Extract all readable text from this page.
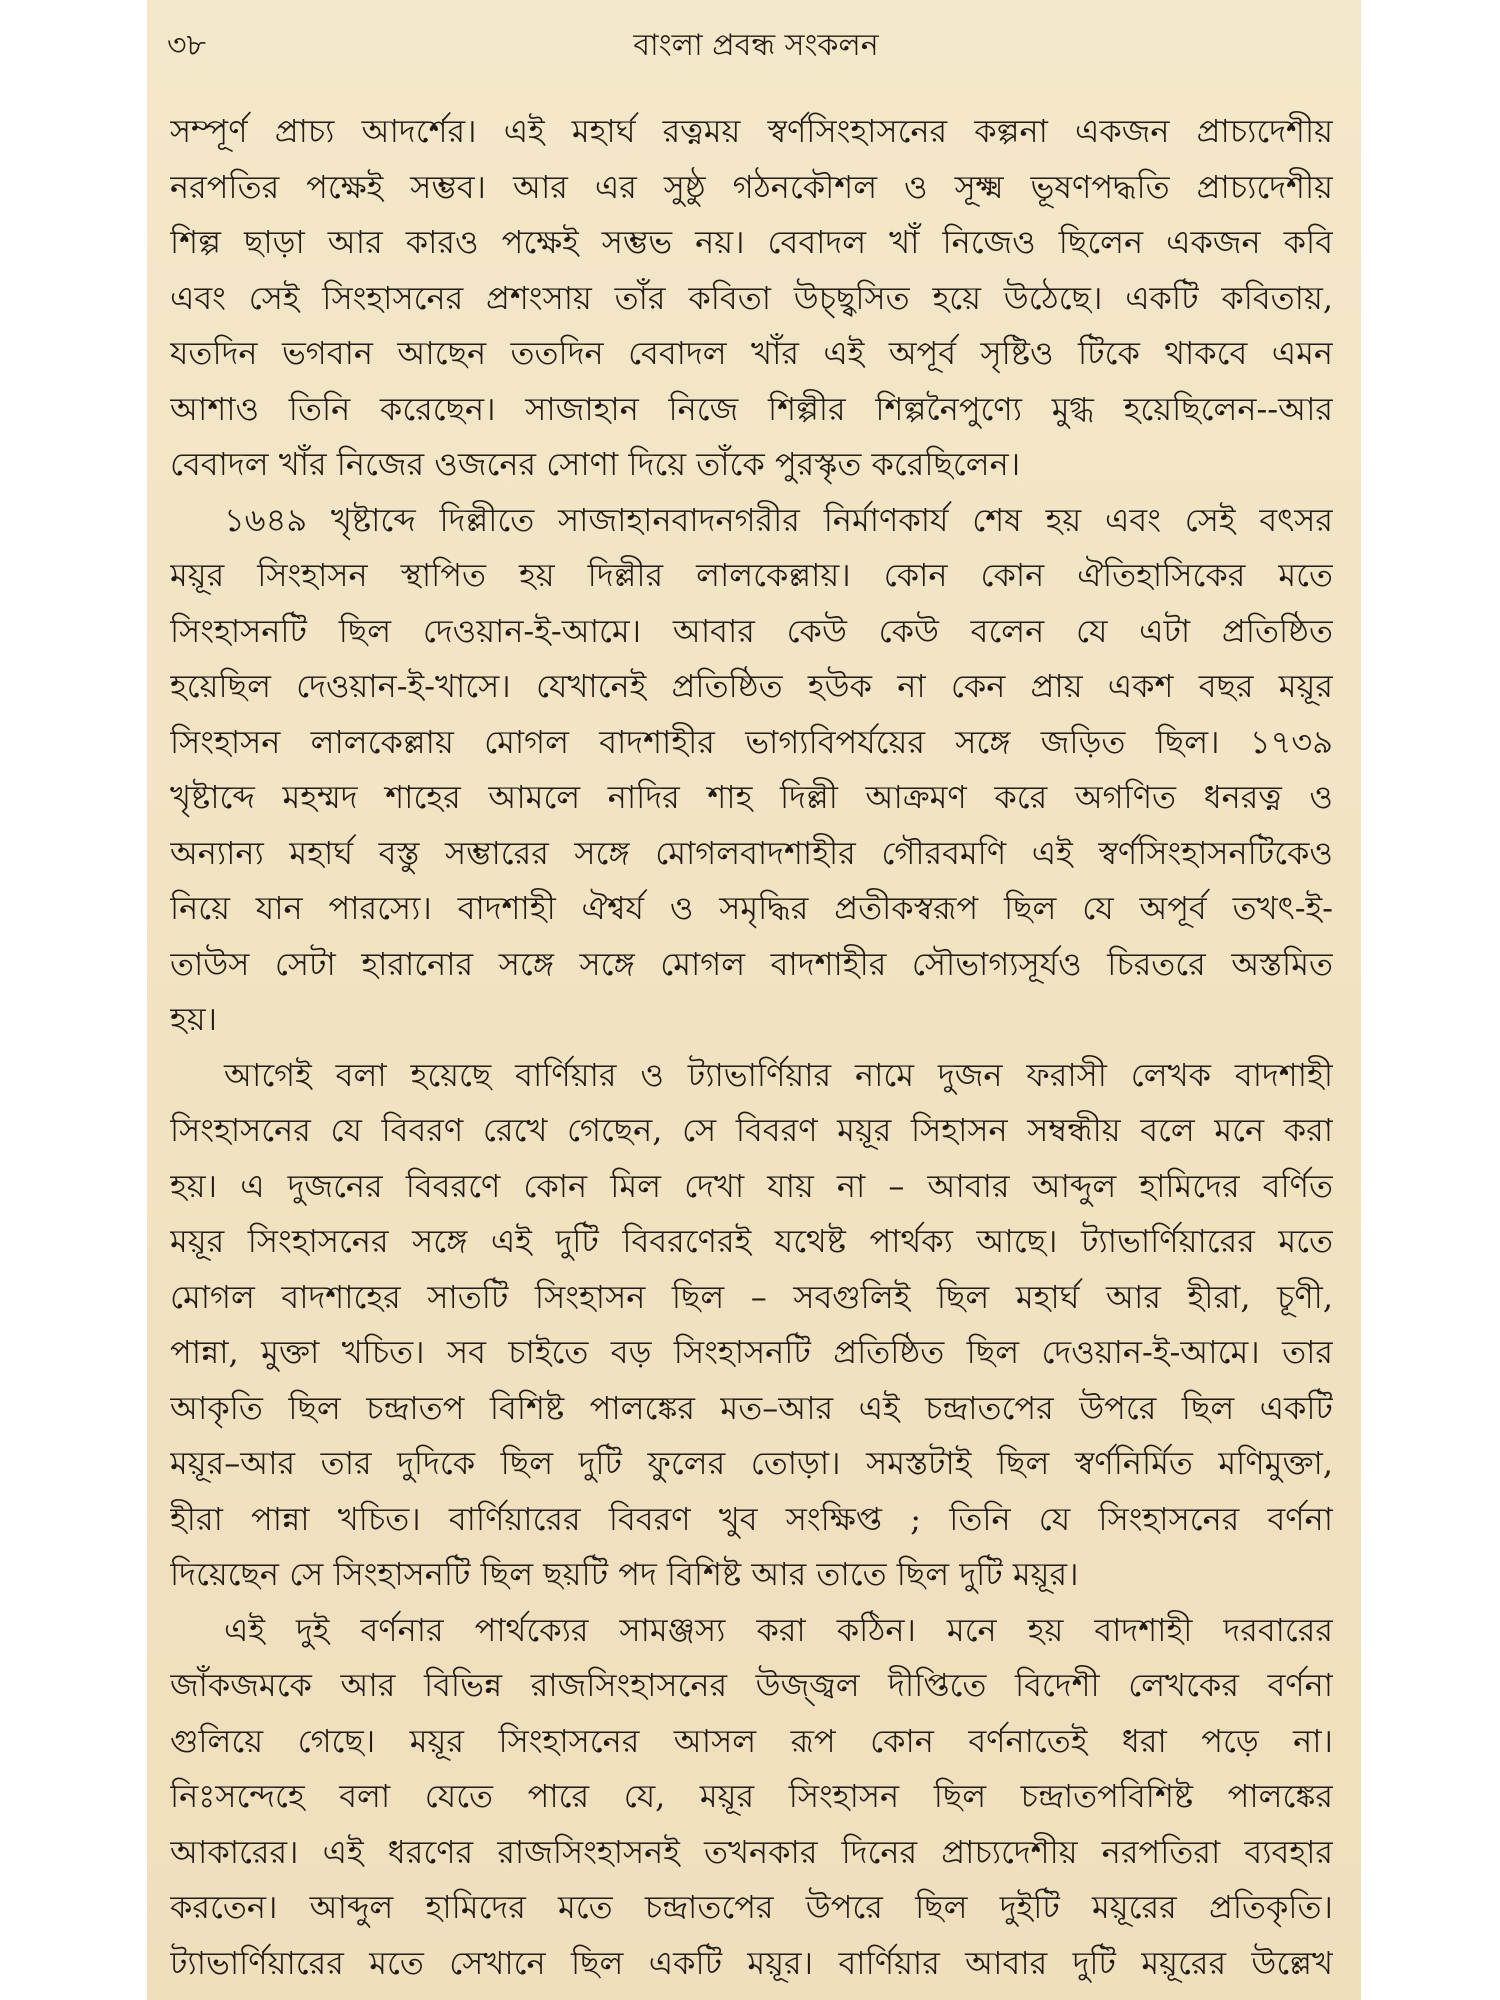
৩৮	বাংলা প্রবন্ধ সংকলন
সম্পূর্ণ প্রাচ্য আদর্শের। এই মহার্ঘ রত্নময় স্বর্ণসিংহাসনের কল্পনা একজন প্রাচ্যদেশীয়
নরপতির পক্ষেই সম্ভব। আর এর সুষ্ঠু গঠনকৌশল ও সূক্ষ্ম ভূষণপদ্ধতি প্রাচ্যদেশীয়
শিল্প ছাড়া আর কারও পক্ষেই সম্ভভ নয়। বেবাদল খাঁ নিজেও ছিলেন একজন কবি
এবং সেই সিংহাসনের প্রশংসায় তাঁর কবিতা উচ্ছ্বসিত হয়ে উঠেছে। একটি কবিতায়,
যতদিন ভগবান আছেন ততদিন বেবাদল খাঁর এই অপূর্ব সৃষ্টিও টিকে থাকবে এমন
আশাও তিনি করেছেন। সাজাহান নিজে শিল্পীর শিল্পনৈপুণ্যে মুগ্ধ হয়েছিলেন--আর
বেবাদল খাঁর নিজের ওজনের সোণা দিয়ে তাঁকে পুরস্কৃত করেছিলেন।
১৬৪৯ খৃষ্টাব্দে দিল্লীতে সাজাহানবাদনগরীর নির্মাণকার্য শেষ হয় এবং সেই বৎসর
ময়ূর সিংহাসন স্থাপিত হয় দিল্লীর লালকেল্লায়। কোন কোন ঐতিহাসিকের মতে
সিংহাসনটি ছিল দেওয়ান-ই-আমে। আবার কেউ কেউ বলেন যে এটা প্রতিষ্ঠিত
হয়েছিল দেওয়ান-ই-খাসে। যেখানেই প্রতিষ্ঠিত হউক না কেন প্রায় একশ বছর ময়ূর
সিংহাসন লালকেল্লায় মোগল বাদশাহীর ভাগ্যবিপর্যয়ের সঙ্গে জড়িত ছিল। ১৭৩৯
খৃষ্টাব্দে মহম্মদ শাহের আমলে নাদির শাহ দিল্লী আক্রমণ করে অগণিত ধনরত্ন ও
অন্যান্য মহার্ঘ বস্তু সম্ভারের সঙ্গে মোগলবাদশাহীর গৌরবমণি এই স্বর্ণসিংহাসনটিকেও
নিয়ে যান পারস্যে। বাদশাহী ঐশ্বর্য ও সমৃদ্ধির প্রতীকস্বরূপ ছিল যে অপূর্ব তখৎ-ই-
তাউস সেটা হারানোর সঙ্গে সঙ্গে মোগল বাদশাহীর সৌভাগ্যসূর্যও চিরতরে অস্তমিত
হয়।
আগেই বলা হয়েছে বার্ণিয়ার ও ট্যাভার্ণিয়ার নামে দুজন ফরাসী লেখক বাদশাহী
সিংহাসনের যে বিবরণ রেখে গেছেন, সে বিবরণ ময়ূর সিহাসন সম্বন্ধীয় বলে মনে করা
হয়। এ দুজনের বিবরণে কোন মিল দেখা যায় না – আবার আব্দুল হামিদের বর্ণিত
ময়ূর সিংহাসনের সঙ্গে এই দুটি বিবরণেরই যথেষ্ট পার্থক্য আছে। ট্যাভার্ণিয়ারের মতে
মোগল বাদশাহের সাতটি সিংহাসন ছিল – সবগুলিই ছিল মহার্ঘ আর হীরা, চূণী,
পান্না, মুক্তা খচিত। সব চাইতে বড় সিংহাসনটি প্রতিষ্ঠিত ছিল দেওয়ান-ই-আমে। তার
আকৃতি ছিল চন্দ্রাতপ বিশিষ্ট পালঙ্কের মত–আর এই চন্দ্রাতপের উপরে ছিল একটি
ময়ূর–আর তার দুদিকে ছিল দুটি ফুলের তোড়া। সমস্তটাই ছিল স্বর্ণনির্মিত মণিমুক্তা,
হীরা পান্না খচিত। বার্ণিয়ারের বিবরণ খুব সংক্ষিপ্ত ; তিনি যে সিংহাসনের বর্ণনা
দিয়েছেন সে সিংহাসনটি ছিল ছয়টি পদ বিশিষ্ট আর তাতে ছিল দুটি ময়ূর।
এই দুই বর্ণনার পার্থক্যের সামঞ্জস্য করা কঠিন। মনে হয় বাদশাহী দরবারের
জাঁকজমকে আর বিভিন্ন রাজসিংহাসনের উজ্জ্বল দীপ্তিতে বিদেশী লেখকের বর্ণনা
গুলিয়ে গেছে। ময়ূর সিংহাসনের আসল রূপ কোন বর্ণনাতেই ধরা পড়ে না।
নিঃসন্দেহে বলা যেতে পারে যে, ময়ূর সিংহাসন ছিল চন্দ্রাতপবিশিষ্ট পালঙ্কের
আকারের। এই ধরণের রাজসিংহাসনই তখনকার দিনের প্রাচ্যদেশীয় নরপতিরা ব্যবহার
করতেন। আব্দুল হামিদের মতে চন্দ্রাতপের উপরে ছিল দুইটি ময়ূরের প্রতিকৃতি।
ট্যাভার্ণিয়ারের মতে সেখানে ছিল একটি ময়ূর। বার্ণিয়ার আবার দুটি ময়ূরের উল্লেখ
